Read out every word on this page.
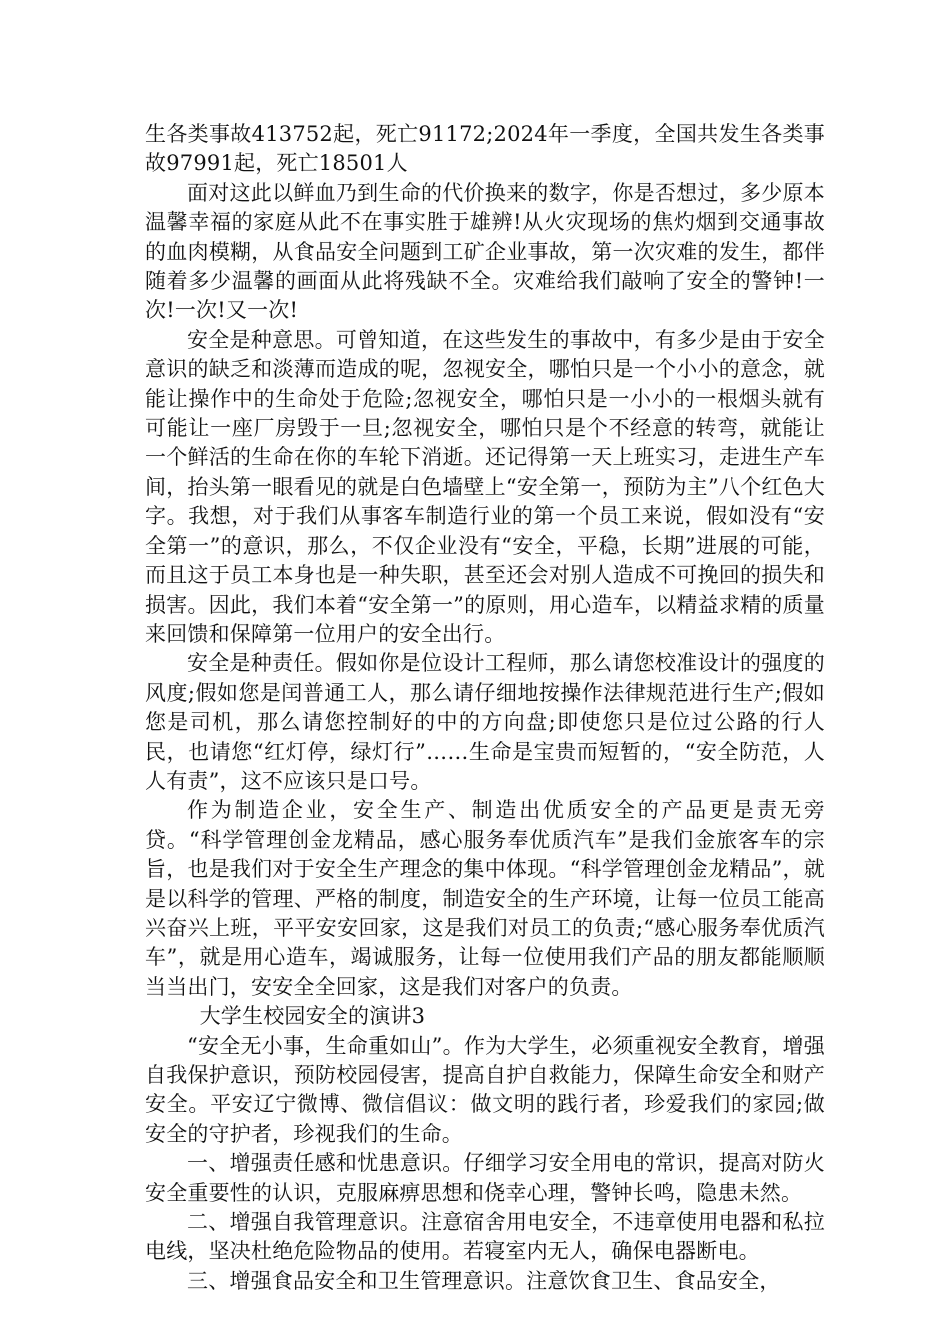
生各类事故413752起，死亡91172;2024年一季度，全国共发生各类事故97991起，死亡18501人

面对这此以鲜血乃到生命的代价换来的数字，你是否想过，多少原本温馨幸福的家庭从此不在事实胜于雄辨!从火灾现场的焦灼烟到交通事故的血肉模糊，从食品安全问题到工矿企业事故，第一次灾难的发生，都伴随着多少温馨的画面从此将残缺不全。灾难给我们敲响了安全的警钟!一次!一次!又一次!

安全是种意思。可曾知道，在这些发生的事故中，有多少是由于安全意识的缺乏和淡薄而造成的呢，忽视安全，哪怕只是一个小小的意念，就能让操作中的生命处于危险;忽视安全，哪怕只是一小小的一根烟头就有可能让一座厂房毁于一旦;忽视安全，哪怕只是个不经意的转弯，就能让一个鲜活的生命在你的车轮下消逝。还记得第一天上班实习，走进生产车间，抬头第一眼看见的就是白色墙壁上“安全第一，预防为主”八个红色大字。我想，对于我们从事客车制造行业的第一个员工来说，假如没有“安全第一”的意识，那么，不仅企业没有“安全，平稳，长期”进展的可能，而且这于员工本身也是一种失职，甚至还会对别人造成不可挽回的损失和损害。因此，我们本着“安全第一”的原则，用心造车，以精益求精的质量来回馈和保障第一位用户的安全出行。

安全是种责任。假如你是位设计工程师，那么请您校准设计的强度的风度;假如您是闰普通工人，那么请仔细地按操作法律规范进行生产;假如您是司机，那么请您控制好的中的方向盘;即使您只是位过公路的行人民，也请您“红灯停，绿灯行”……生命是宝贵而短暂的，“安全防范，人人有责”，这不应该只是口号。

作为制造企业，安全生产、制造出优质安全的产品更是责无旁贷。“科学管理创金龙精品，感心服务奉优质汽车”是我们金旅客车的宗旨，也是我们对于安全生产理念的集中体现。“科学管理创金龙精品”，就是以科学的管理、严格的制度，制造安全的生产环境，让每一位员工能高兴奋兴上班，平平安安回家，这是我们对员工的负责;“感心服务奉优质汽车”，就是用心造车，竭诚服务，让每一位使用我们产品的朋友都能顺顺当当出门，安安全全回家，这是我们对客户的负责。

大学生校园安全的演讲3

“安全无小事，生命重如山”。作为大学生，必须重视安全教育，增强自我保护意识，预防校园侵害，提高自护自救能力，保障生命安全和财产安全。平安辽宁微博、微信倡议：做文明的践行者，珍爱我们的家园;做安全的守护者，珍视我们的生命。

一、增强责任感和忧患意识。仔细学习安全用电的常识，提高对防火安全重要性的认识，克服麻痹思想和侥幸心理，警钟长鸣，隐患未然。

二、增强自我管理意识。注意宿舍用电安全，不违章使用电器和私拉电线，坚决杜绝危险物品的使用。若寝室内无人，确保电器断电。

三、增强食品安全和卫生管理意识。注意饮食卫生、食品安全，
